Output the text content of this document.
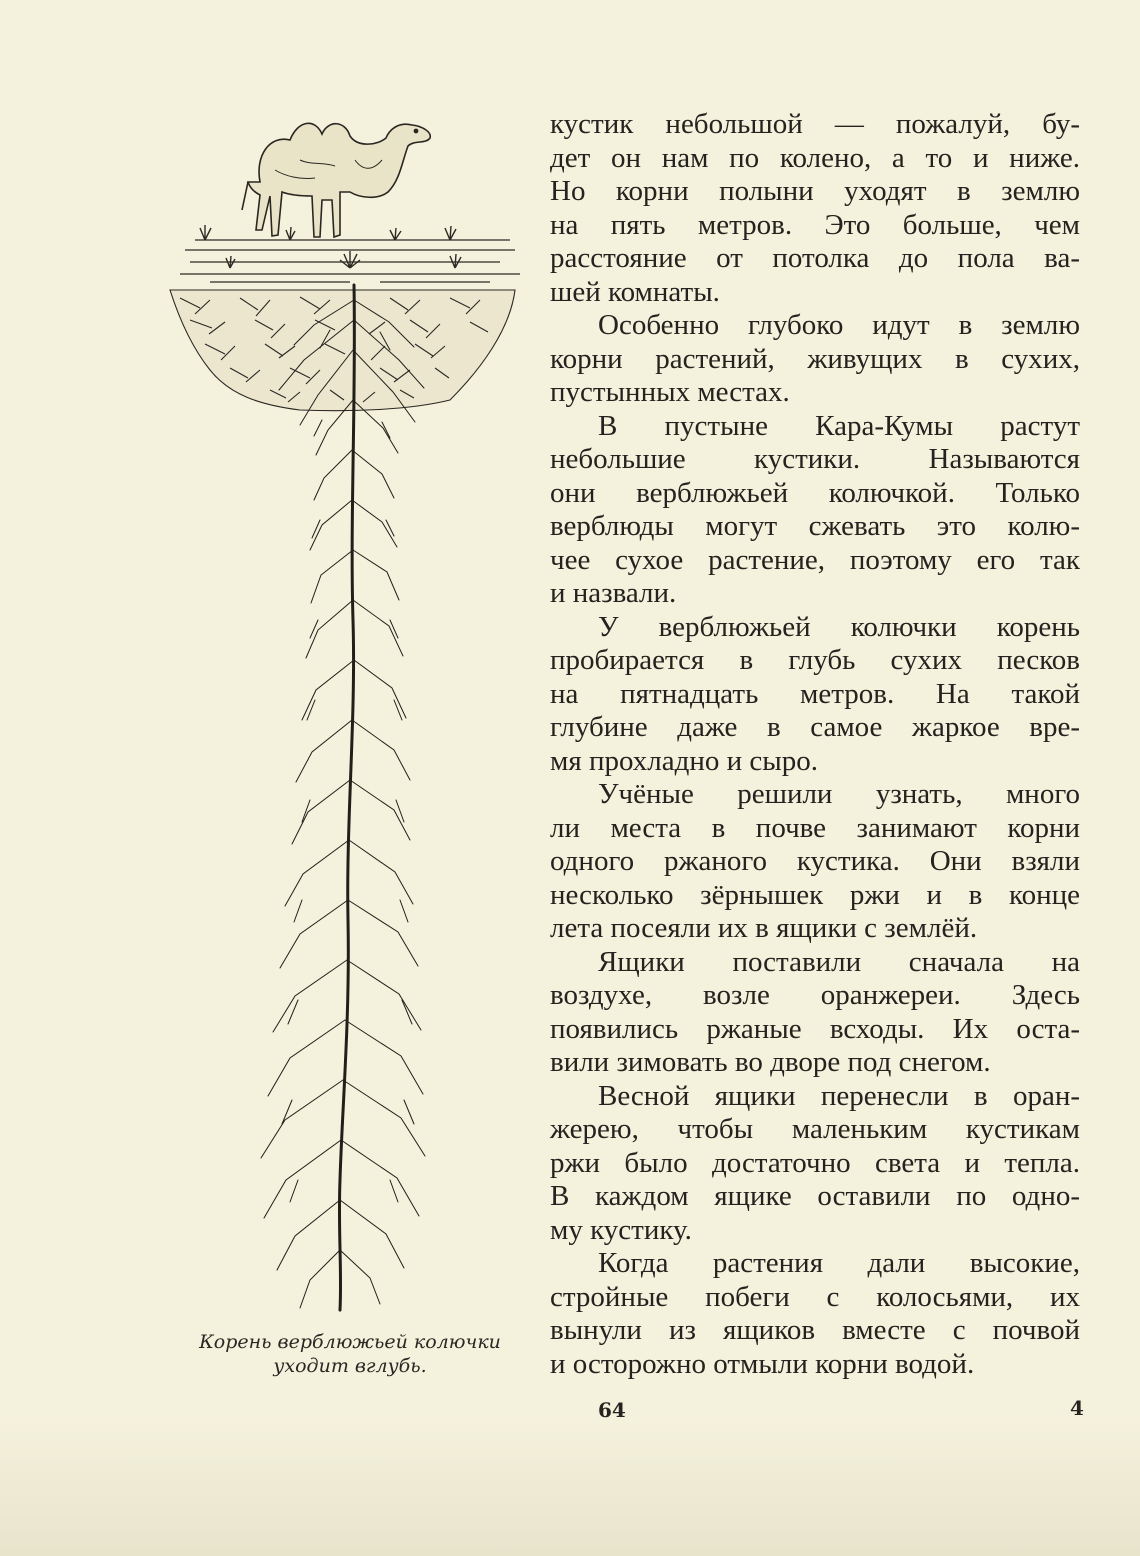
Корень верблюжьей колючки
уходит вглубь.
кустик небольшой — пожалуй, бу-
дет он нам по колено, а то и ниже.
Но корни полыни уходят в землю
на пять метров. Это больше, чем
расстояние от потолка до пола ва-
шей комнаты.
Особенно глубоко идут в землю
корни растений, живущих в сухих,
пустынных местах.
В пустыне Кара-Кумы растут
небольшие кустики. Называются
они верблюжьей колючкой. Только
верблюды могут сжевать это колю-
чее сухое растение, поэтому его так
и назвали.
У верблюжьей колючки корень
пробирается в глубь сухих песков
на пятнадцать метров. На такой
глубине даже в самое жаркое вре-
мя прохладно и сыро.
Учёные решили узнать, много
ли места в почве занимают корни
одного ржаного кустика. Они взяли
несколько зёрнышек ржи и в конце
лета посеяли их в ящики с землёй.
Ящики поставили сначала на
воздухе, возле оранжереи. Здесь
появились ржаные всходы. Их оста-
вили зимовать во дворе под снегом.
Весной ящики перенесли в оран-
жерею, чтобы маленьким кустикам
ржи было достаточно света и тепла.
В каждом ящике оставили по одно-
му кустику.
Когда растения дали высокие,
стройные побеги с колосьями, их
вынули из ящиков вместе с почвой
и осторожно отмыли корни водой.
64	4
